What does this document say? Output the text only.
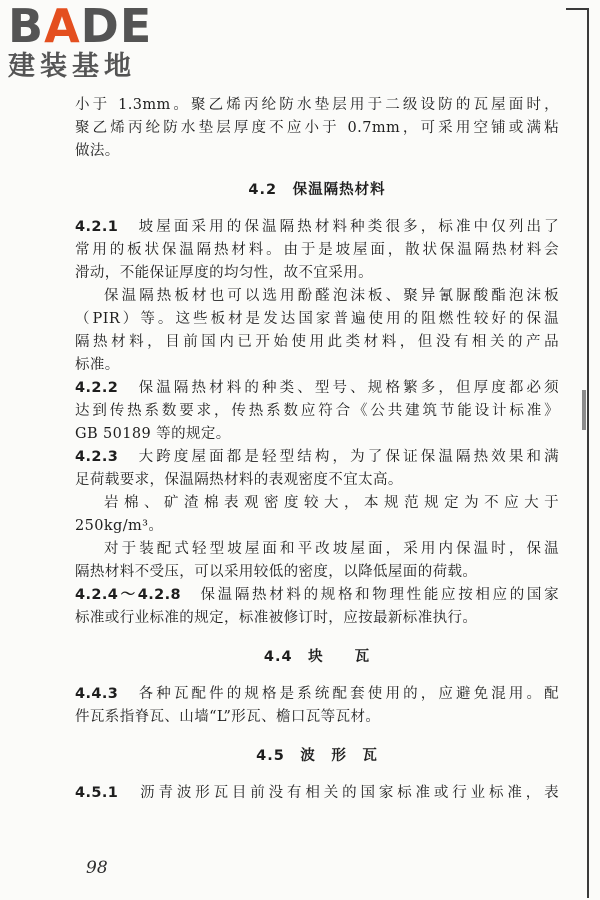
BADE
建装基地
小于 1.3mm。聚乙烯丙纶防水垫层用于二级设防的瓦屋面时，
聚乙烯丙纶防水垫层厚度不应小于 0.7mm，可采用空铺或满粘
做法。
4.2　保温隔热材料
4.2.1　 坡屋面采用的保温隔热材料种类很多，标准中仅列出了
常用的板状保温隔热材料。由于是坡屋面，散状保温隔热材料会
滑动，不能保证厚度的均匀性，故不宜采用。
保温隔热板材也可以选用酚醛泡沫板、聚异氰脲酸酯泡沫板
（PIR）等。这些板材是发达国家普遍使用的阻燃性较好的保温
隔热材料，目前国内已开始使用此类材料，但没有相关的产品
标准。
4.2.2　 保温隔热材料的种类、型号、规格繁多，但厚度都必须
达到传热系数要求，传热系数应符合《公共建筑节能设计标准》
GB 50189 等的规定。
4.2.3　 大跨度屋面都是轻型结构，为了保证保温隔热效果和满
足荷载要求，保温隔热材料的表观密度不宜太高。
岩棉、矿渣棉表观密度较大，本规范规定为不应大于
250kg/m³。
对于装配式轻型坡屋面和平改坡屋面，采用内保温时，保温
隔热材料不受压，可以采用较低的密度，以降低屋面的荷载。
4.2.4～4.2.8　 保温隔热材料的规格和物理性能应按相应的国家
标准或行业标准的规定，标准被修订时，应按最新标准执行。
4.4　块　　瓦
4.4.3　 各种瓦配件的规格是系统配套使用的，应避免混用。配
件瓦系指脊瓦、山墙“L”形瓦、檐口瓦等瓦材。
4.5　波　形　瓦
4.5.1　 沥青波形瓦目前没有相关的国家标准或行业标准，表
98
